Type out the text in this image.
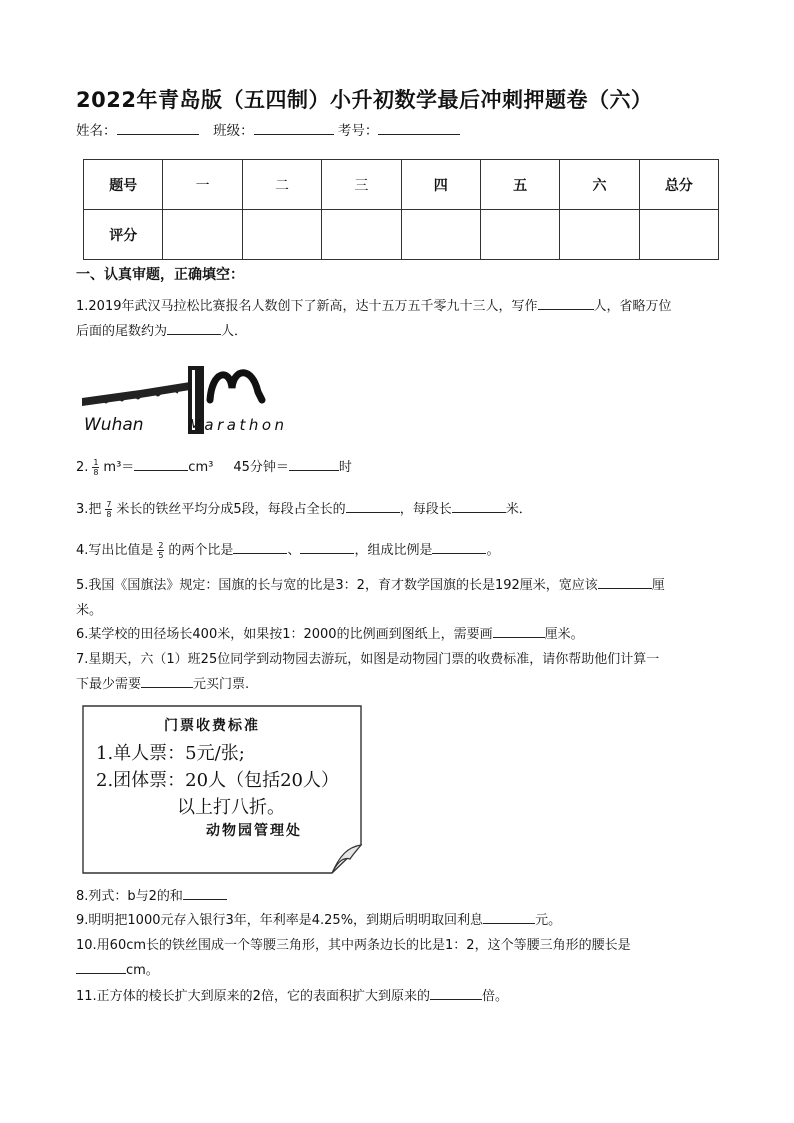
2022年青岛版（五四制）小升初数学最后冲刺押题卷（六）
姓名：	班级：	考号：
题号	一	二	三	四	五	六	总分
评分							
一、认真审题，正确填空：
1.2019年武汉马拉松比赛报名人数创下了新高，达十五万五千零九十三人，写作	人，省略万位
后面的尾数约为	人．
Wuhan	Marathon
2. $\frac{1}{8} m^3=$	cm³ 45分钟＝	时
3.把 $\frac{7}{8}$ 米长的铁丝平均分成5段，每段占全长的	，每段长	米．
4.写出比值是 $\frac{2}{5}$ 的两个比是	、	，组成比例是	。
5.我国《国旗法》规定：国旗的长与宽的比是3：2，育才数学国旗的长是192厘米，宽应该	厘
米。
6.某学校的田径场长400米，如果按1：2000的比例画到图纸上，需要画	厘米。
7.星期天，六（1）班25位同学到动物园去游玩，如图是动物园门票的收费标准，请你帮助他们计算一
下最少需要	元买门票.
门票收费标准
1.单人票：5元/张;
2.团体票：20人（包括20人）
以上打八折。
动物园管理处
8.列式：b与2的和
9.明明把1000元存入银行3年，年利率是4.25%，到期后明明取回利息	元。
10.用60cm长的铁丝围成一个等腰三角形，其中两条边长的比是1：2，这个等腰三角形的腰长是
cm。
11.正方体的棱长扩大到原来的2倍，它的表面积扩大到原来的	倍。
